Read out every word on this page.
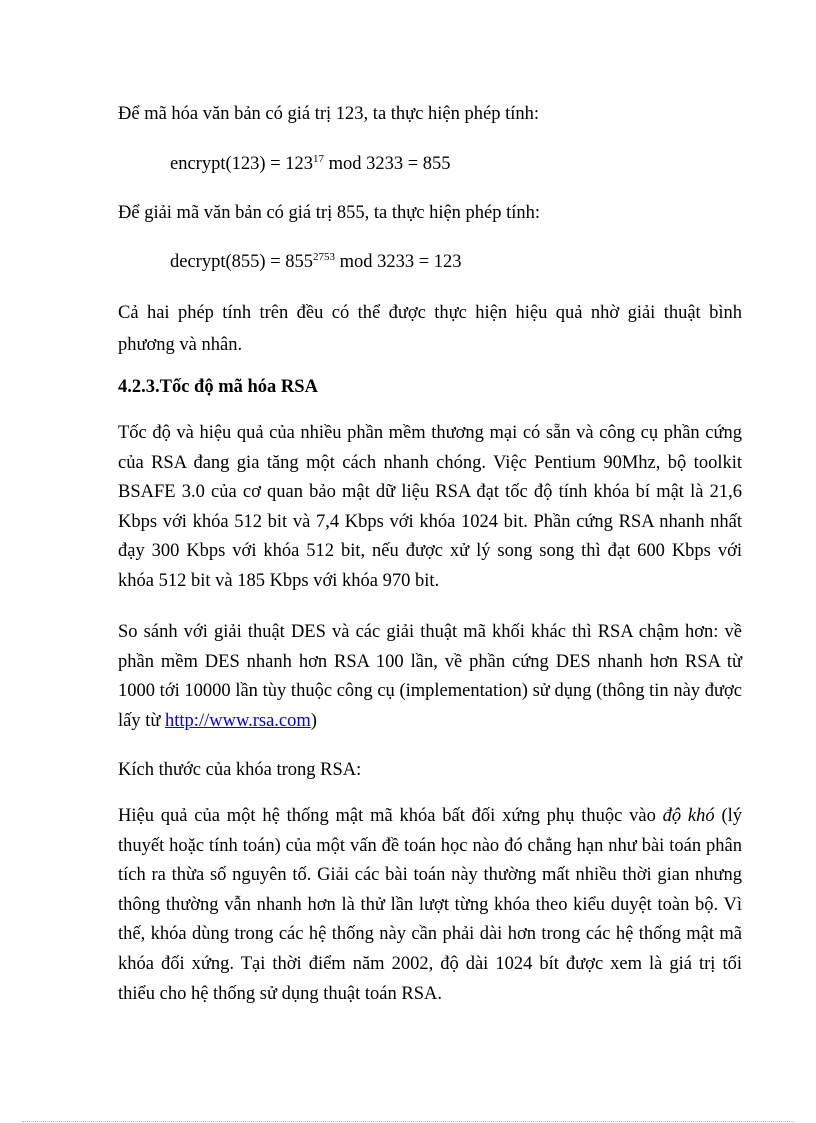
Để mã hóa văn bản có giá trị 123, ta thực hiện phép tính:

encrypt(123) = $123^{17}$ mod 3233 = 855

Để giải mã văn bản có giá trị 855, ta thực hiện phép tính:

decrypt(855) = $855^{2753}$ mod 3233 = 123

Cả hai phép tính trên đều có thể được thực hiện hiệu quả nhờ giải thuật bình phương và nhân.

4.2.3.Tốc độ mã hóa RSA

Tốc độ và hiệu quả của nhiều phần mềm thương mại có sẵn và công cụ phần cứng của RSA đang gia tăng một cách nhanh chóng. Việc Pentium 90Mhz, bộ toolkit BSAFE 3.0 của cơ quan bảo mật dữ liệu RSA đạt tốc độ tính khóa bí mật là 21,6 Kbps với khóa 512 bit và 7,4 Kbps với khóa 1024 bit. Phần cứng RSA nhanh nhất đạy 300 Kbps với khóa 512 bit, nếu được xử lý song song thì đạt 600 Kbps với khóa 512 bit và 185 Kbps với khóa 970 bit.

So sánh với giải thuật DES và các giải thuật mã khối khác thì RSA chậm hơn: về phần mềm DES nhanh hơn RSA 100 lần, về phần cứng DES nhanh hơn RSA từ 1000 tới 10000 lần tùy thuộc công cụ (implementation) sử dụng (thông tin này được lấy từ http://www.rsa.com)

Kích thước của khóa trong RSA:

Hiệu quả của một hệ thống mật mã khóa bất đối xứng phụ thuộc vào độ khó (lý thuyết hoặc tính toán) của một vấn đề toán học nào đó chẳng hạn như bài toán phân tích ra thừa số nguyên tố. Giải các bài toán này thường mất nhiều thời gian nhưng thông thường vẫn nhanh hơn là thử lần lượt từng khóa theo kiểu duyệt toàn bộ. Vì thế, khóa dùng trong các hệ thống này cần phải dài hơn trong các hệ thống mật mã khóa đối xứng. Tại thời điểm năm 2002, độ dài 1024 bít được xem là giá trị tối thiểu cho hệ thống sử dụng thuật toán RSA.
